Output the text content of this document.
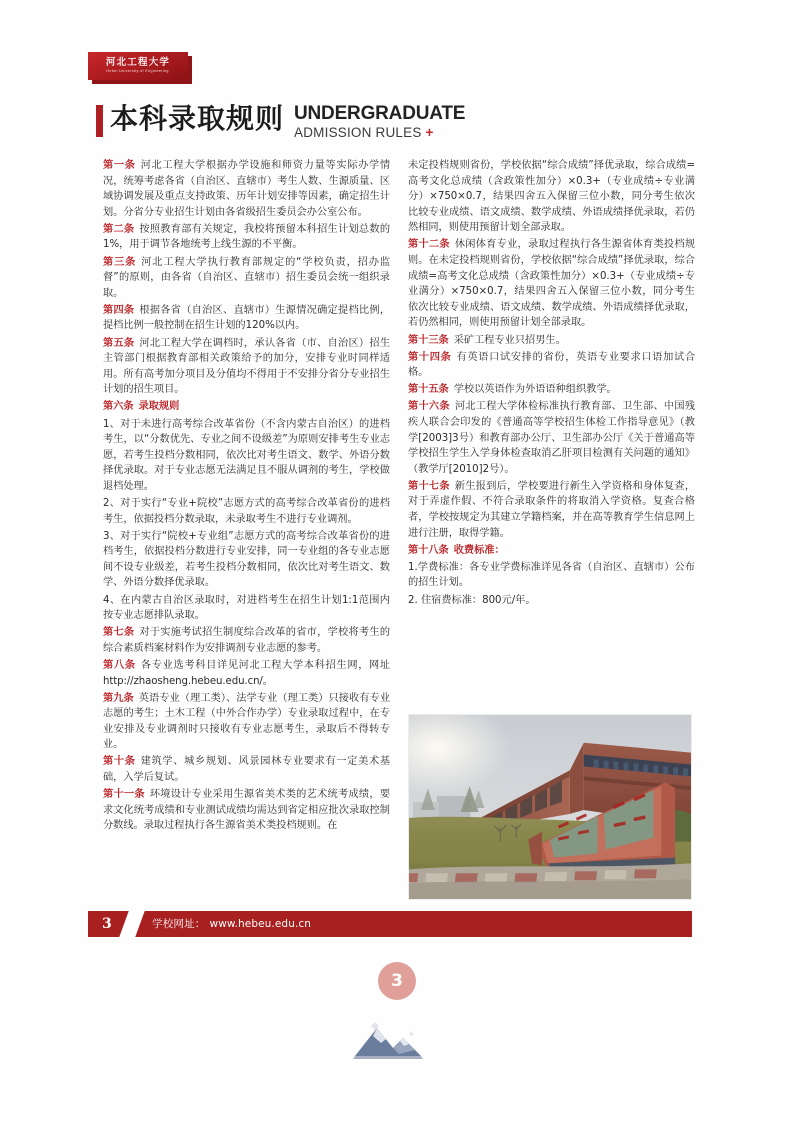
河北工程大学
Hebei University of Engineering
本科录取规则 UNDERGRADUATE
ADMISSION RULES +

第一条 河北工程大学根据办学设施和师资力量等实际办学情况，统筹考虑各省（自治区、直辖市）考生人数、生源质量、区域协调发展及重点支持政策、历年计划安排等因素，确定招生计划。分省分专业招生计划由各省级招生委员会办公室公布。

第二条 按照教育部有关规定，我校将预留本科招生计划总数的1%，用于调节各地统考上线生源的不平衡。

第三条 河北工程大学执行教育部规定的“学校负责，招办监督”的原则，由各省（自治区、直辖市）招生委员会统一组织录取。

第四条 根据各省（自治区、直辖市）生源情况确定提档比例，提档比例一般控制在招生计划的120%以内。

第五条 河北工程大学在调档时，承认各省（市、自治区）招生主管部门根据教育部相关政策给予的加分，安排专业时同样适用。所有高考加分项目及分值均不得用于不安排分省分专业招生计划的招生项目。

第六条 录取规则

1、对于未进行高考综合改革省份（不含内蒙古自治区）的进档考生，以“分数优先、专业之间不设级差”为原则安排考生专业志愿，若考生投档分数相同，依次比对考生语文、数学、外语分数择优录取。对于专业志愿无法满足且不服从调剂的考生，学校做退档处理。

2、对于实行“专业+院校”志愿方式的高考综合改革省份的进档考生，依据投档分数录取，未录取考生不进行专业调剂。

3、对于实行“院校+专业组”志愿方式的高考综合改革省份的进档考生，依据投档分数进行专业安排，同一专业组的各专业志愿间不设专业级差，若考生投档分数相同，依次比对考生语文、数学、外语分数择优录取。

4、在内蒙古自治区录取时，对进档考生在招生计划1:1范围内按专业志愿排队录取。

第七条 对于实施考试招生制度综合改革的省市，学校将考生的综合素质档案材料作为安排调剂专业志愿的参考。

第八条 各专业选考科目详见河北工程大学本科招生网，网址http://zhaosheng.hebeu.edu.cn/。

第九条 英语专业（理工类）、法学专业（理工类）只接收有专业志愿的考生；土木工程（中外合作办学）专业录取过程中，在专业安排及专业调剂时只接收有专业志愿考生，录取后不得转专业。

第十条 建筑学、城乡规划、风景园林专业要求有一定美术基础，入学后复试。

第十一条 环境设计专业采用生源省美术类的艺术统考成绩，要求文化统考成绩和专业测试成绩均需达到省定相应批次录取控制分数线。录取过程执行各生源省美术类投档规则。在

未定投档规则省份，学校依据“综合成绩”择优录取，综合成绩=高考文化总成绩（含政策性加分）×0.3+（专业成绩÷专业满分）×750×0.7，结果四舍五入保留三位小数，同分考生依次比较专业成绩、语文成绩、数学成绩、外语成绩择优录取，若仍然相同，则使用预留计划全部录取。

第十二条 休闲体育专业，录取过程执行各生源省体育类投档规则。在未定投档规则省份，学校依据“综合成绩”择优录取，综合成绩=高考文化总成绩（含政策性加分）×0.3+（专业成绩÷专业满分）×750×0.7，结果四舍五入保留三位小数，同分考生依次比较专业成绩、语文成绩、数学成绩、外语成绩择优录取，若仍然相同，则使用预留计划全部录取。

第十三条 采矿工程专业只招男生。

第十四条 有英语口试安排的省份，英语专业要求口语加试合格。

第十五条 学校以英语作为外语语种组织教学。

第十六条 河北工程大学体检标准执行教育部、卫生部、中国残疾人联合会印发的《普通高等学校招生体检工作指导意见》（教学[2003]3号）和教育部办公厅、卫生部办公厅《关于普通高等学校招生学生入学身体检查取消乙肝项目检测有关问题的通知》（教学厅[2010]2号）。

第十七条 新生报到后，学校要进行新生入学资格和身体复查，对于弄虚作假、不符合录取条件的将取消入学资格。复查合格者，学校按规定为其建立学籍档案，并在高等教育学生信息网上进行注册，取得学籍。

第十八条 收费标准：

1.学费标准：各专业学费标准详见各省（自治区、直辖市）公布的招生计划。

2. 住宿费标准：800元/年。

3	学校网址： www.hebeu.edu.cn
3
